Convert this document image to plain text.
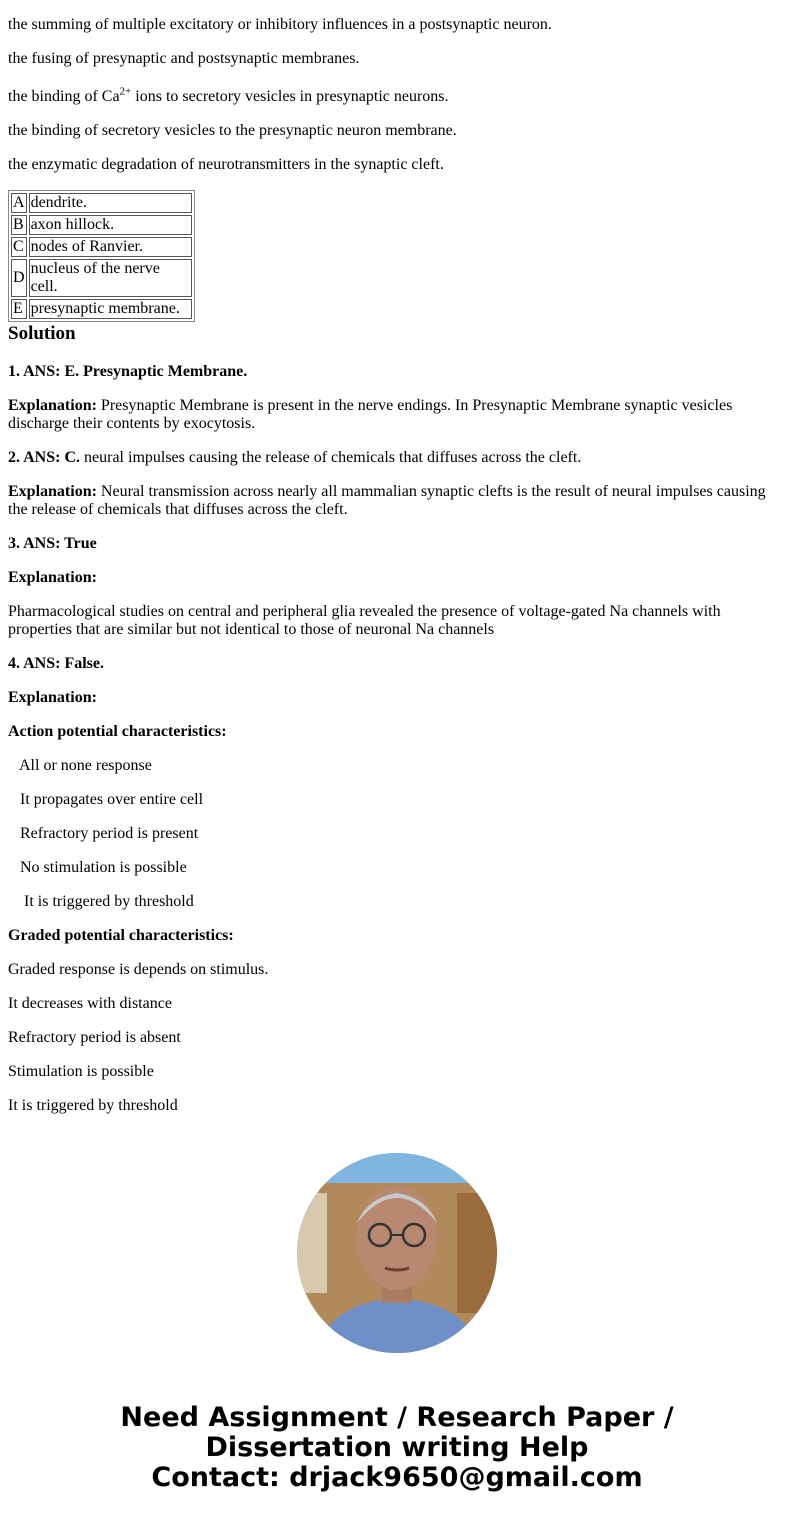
the summing of multiple excitatory or inhibitory influences in a postsynaptic neuron.

the fusing of presynaptic and postsynaptic membranes.

the binding of $Ca^{2+}$ ions to secretory vesicles in presynaptic neurons.

the binding of secretory vesicles to the presynaptic neuron membrane.

the enzymatic degradation of neurotransmitters in the synaptic cleft.

A	dendrite.
B	axon hillock.
C	nodes of Ranvier.
D	nucleus of the nerve cell.
E	presynaptic membrane.
Solution

1. ANS: E. Presynaptic Membrane.

Explanation: Presynaptic Membrane is present in the nerve endings. In Presynaptic Membrane synaptic vesicles discharge their contents by exocytosis.

2. ANS: C. neural impulses causing the release of chemicals that diffuses across the cleft.

Explanation: Neural transmission across nearly all mammalian synaptic clefts is the result of neural impulses causing the release of chemicals that diffuses across the cleft.

3. ANS: True

Explanation:

Pharmacological studies on central and peripheral glia revealed the presence of voltage-gated Na channels with properties that are similar but not identical to those of neuronal Na channels

4. ANS: False.

Explanation:

Action potential characteristics:

All or none response

It propagates over entire cell

Refractory period is present

No stimulation is possible

It is triggered by threshold

Graded potential characteristics:

Graded response is depends on stimulus.

It decreases with distance

Refractory period is absent

Stimulation is possible

It is triggered by threshold

Need Assignment / Research Paper / Dissertation writing Help
Contact: drjack9650@gmail.com
